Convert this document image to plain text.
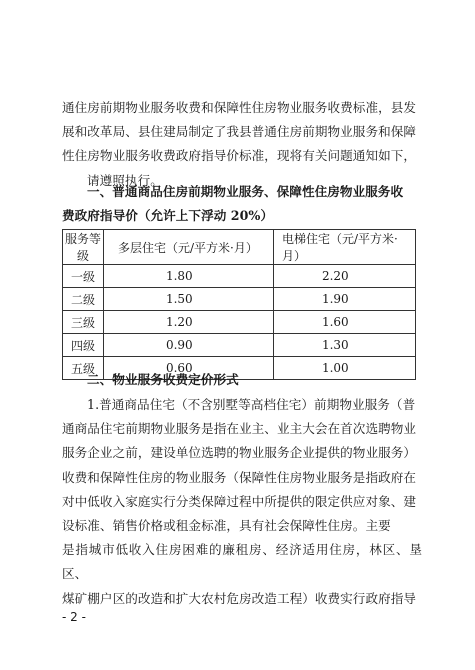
通住房前期物业服务收费和保障性住房物业服务收费标准，县发
展和改革局、县住建局制定了我县普通住房前期物业服务和保障
性住房物业服务收费政府指导价标准，现将有关问题通知如下，
请遵照执行。

一、普通商品住房前期物业服务、保障性住房物业服务收
费政府指导价（允许上下浮动 20%）

服务等级	多层住宅（元/平方米·月）	电梯住宅（元/平方米·月）
一级	1.80	2.20
二级	1.50	1.90
三级	1.20	1.60
四级	0.90	1.30
五级	0.60	1.00

二、物业服务收费定价形式

1.普通商品住宅（不含别墅等高档住宅）前期物业服务（普
通商品住宅前期物业服务是指在业主、业主大会在首次选聘物业
服务企业之前，建设单位选聘的物业服务企业提供的物业服务）
收费和保障性住房的物业服务（保障性住房物业服务是指政府在
对中低收入家庭实行分类保障过程中所提供的限定供应对象、建
设标准、销售价格或租金标准，具有社会保障性住房。主要
是指城市低收入住房困难的廉租房、经济适用住房，林区、垦区、
煤矿棚户区的改造和扩大农村危房改造工程）收费实行政府指导

- 2 -
